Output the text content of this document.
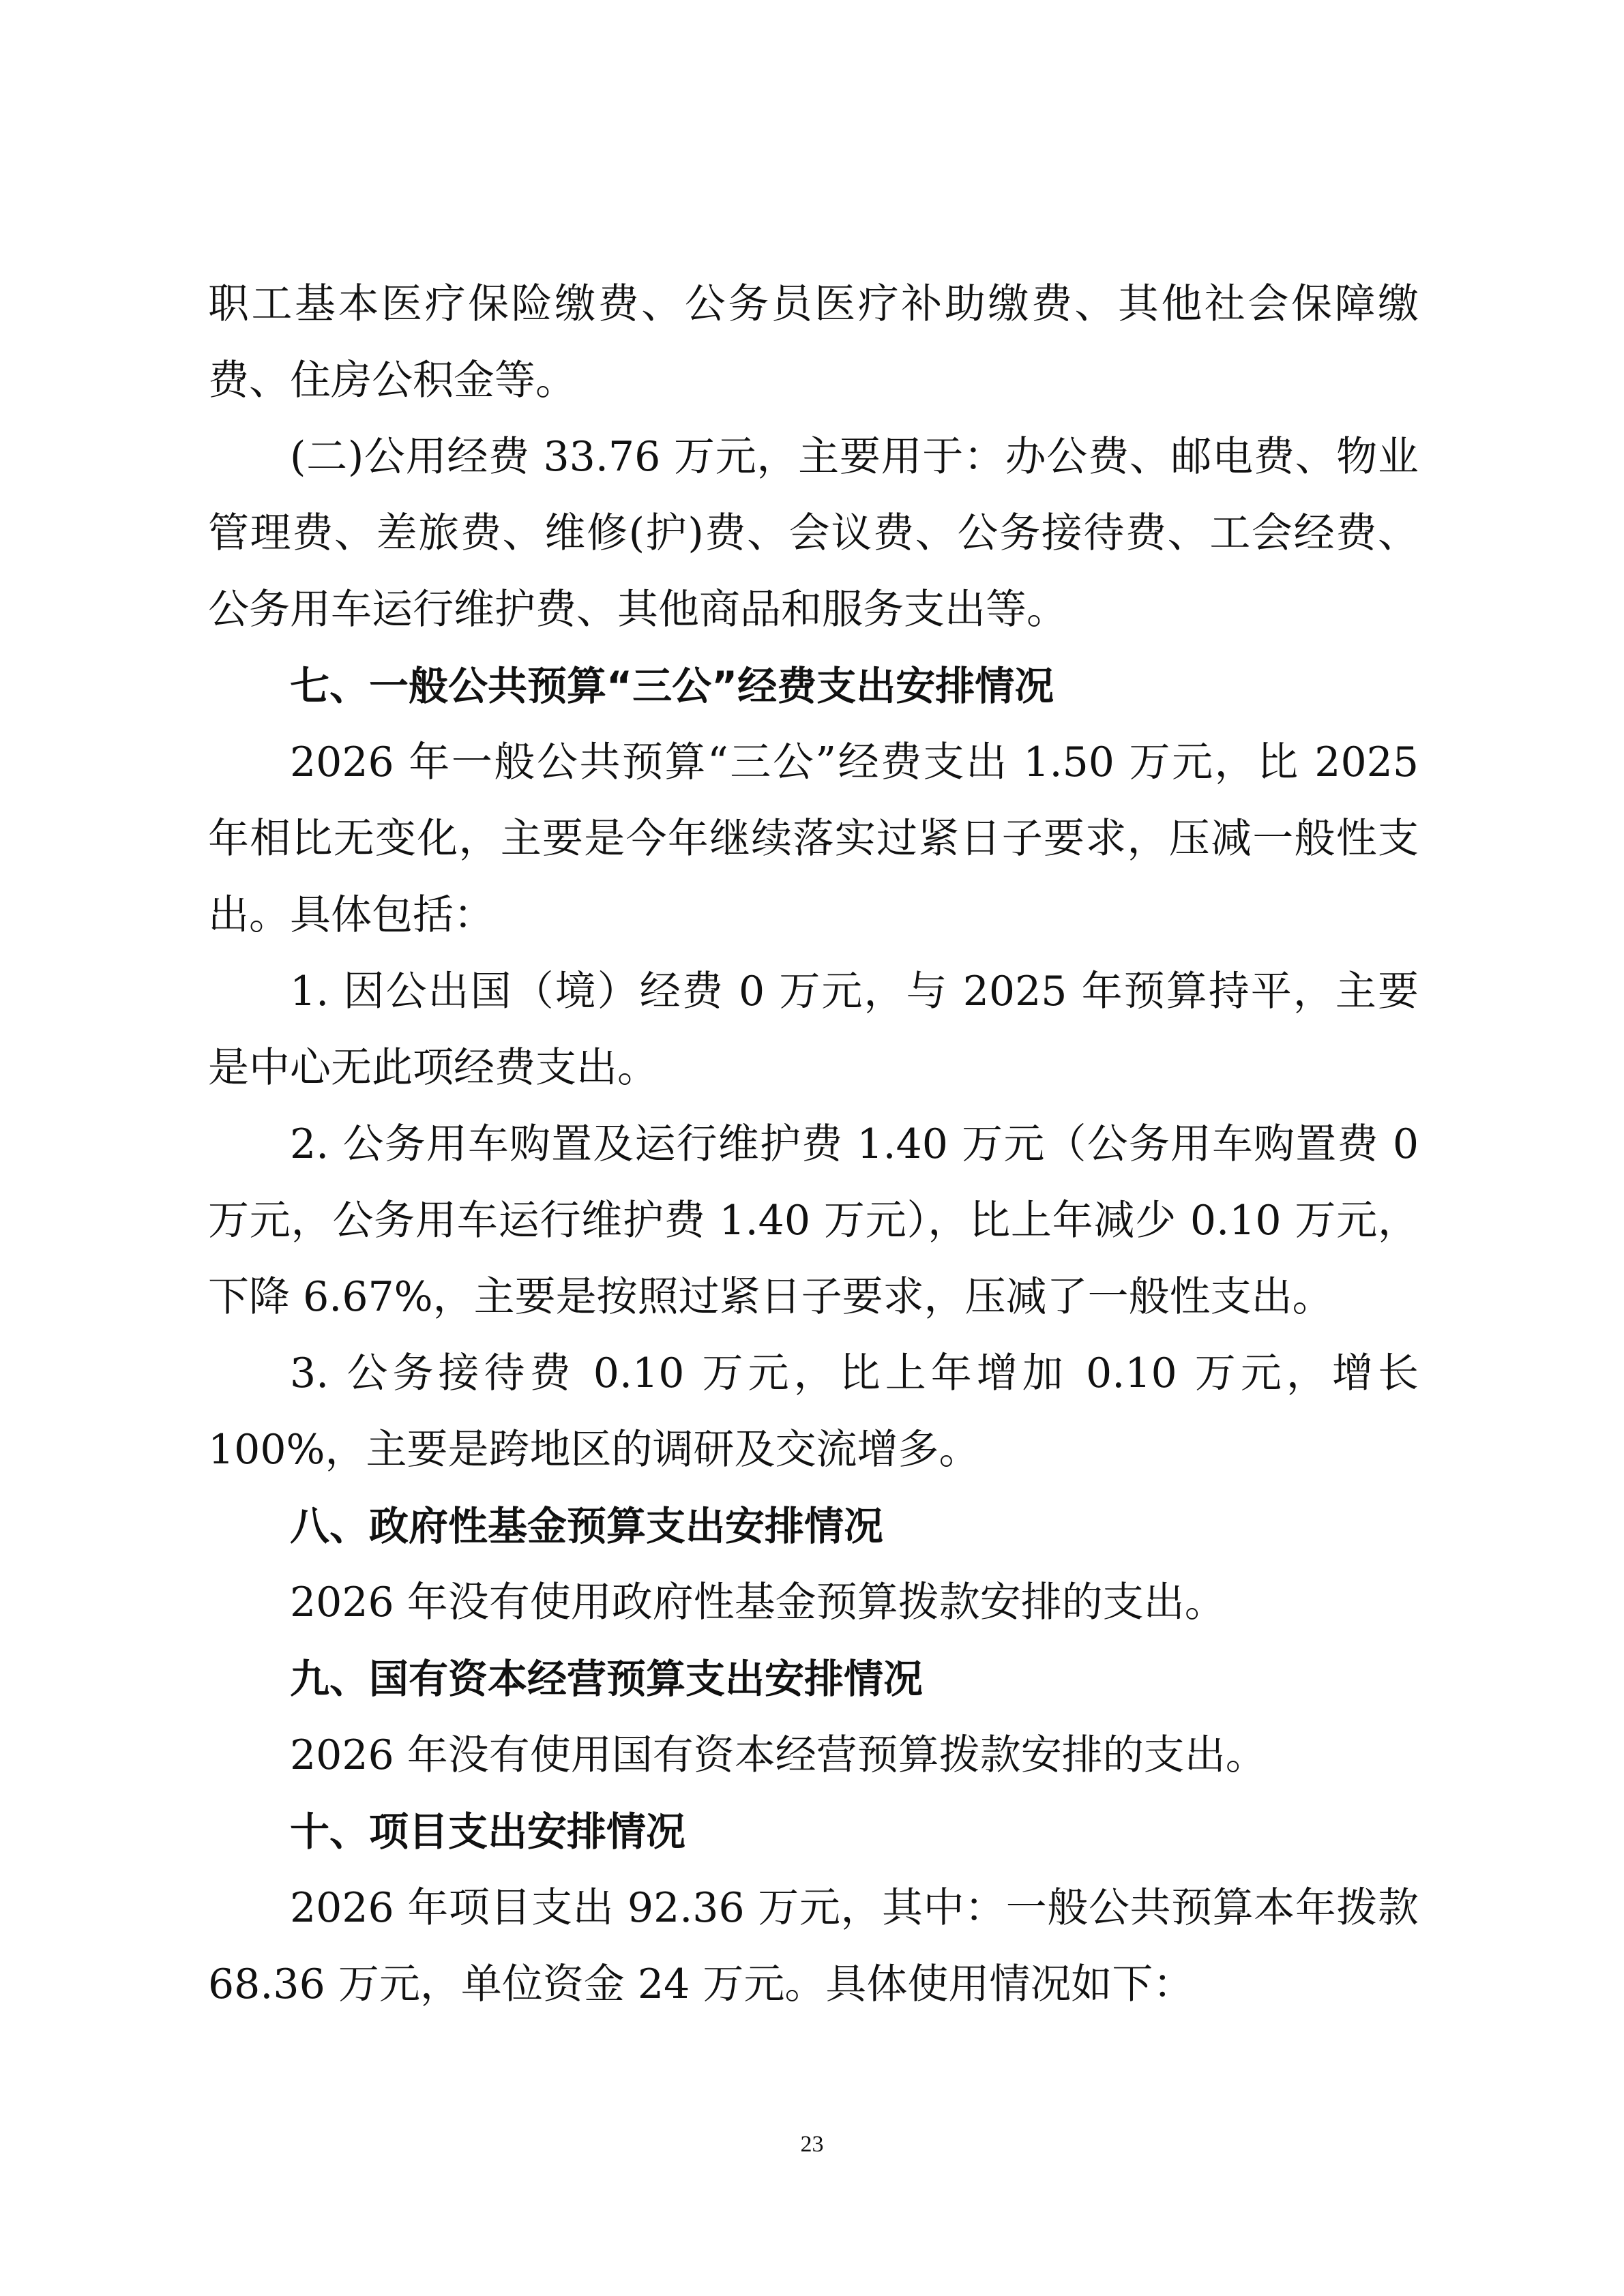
职工基本医疗保险缴费、公务员医疗补助缴费、其他社会保障缴费、住房公积金等。

(二)公用经费 33.76 万元，主要用于：办公费、邮电费、物业管理费、差旅费、维修(护)费、会议费、公务接待费、工会经费、公务用车运行维护费、其他商品和服务支出等。

七、一般公共预算“三公”经费支出安排情况

2026 年一般公共预算“三公”经费支出 1.50 万元，比 2025 年相比无变化，主要是今年继续落实过紧日子要求，压减一般性支出。具体包括：

1. 因公出国（境）经费 0 万元，与 2025 年预算持平，主要是中心无此项经费支出。

2. 公务用车购置及运行维护费 1.40 万元（公务用车购置费 0 万元，公务用车运行维护费 1.40 万元），比上年减少 0.10 万元，下降 6.67%，主要是按照过紧日子要求，压减了一般性支出。

3. 公务接待费 0.10 万元，比上年增加 0.10 万元，增长 100%，主要是跨地区的调研及交流增多。

八、政府性基金预算支出安排情况

2026 年没有使用政府性基金预算拨款安排的支出。

九、国有资本经营预算支出安排情况

2026 年没有使用国有资本经营预算拨款安排的支出。

十、项目支出安排情况

2026 年项目支出 92.36 万元，其中：一般公共预算本年拨款 68.36 万元，单位资金 24 万元。具体使用情况如下：

23
